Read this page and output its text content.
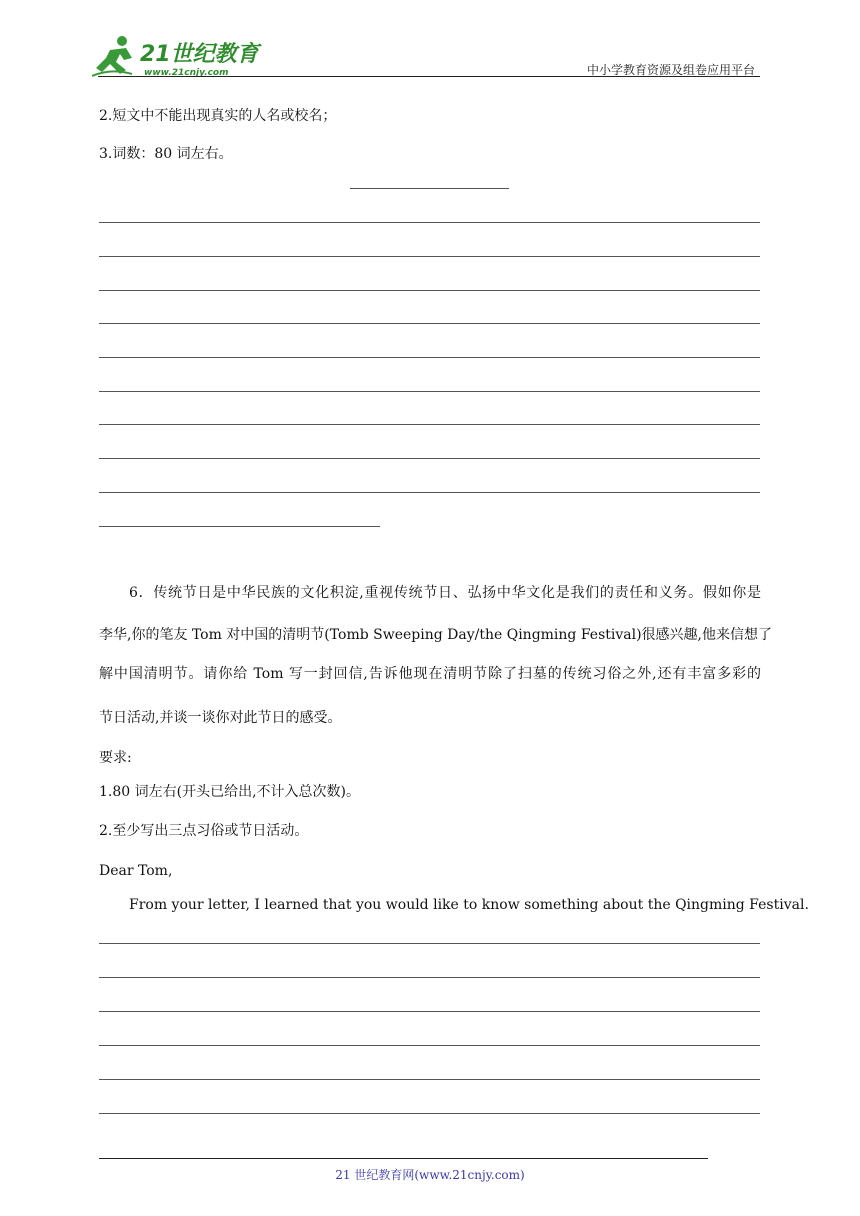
21世纪教育
www.21cnjy.com	中小学教育资源及组卷应用平台
2.短文中不能出现真实的人名或校名；
3.词数：80 词左右。
6．传统节日是中华民族的文化积淀,重视传统节日、弘扬中华文化是我们的责任和义务。假如你是
李华,你的笔友 Tom 对中国的清明节(Tomb Sweeping Day/the Qingming Festival)很感兴趣,他来信想了
解中国清明节。请你给 Tom 写一封回信,告诉他现在清明节除了扫墓的传统习俗之外,还有丰富多彩的
节日活动,并谈一谈你对此节日的感受。
要求:
1.80 词左右(开头已给出,不计入总次数)。
2.至少写出三点习俗或节日活动。
Dear Tom,
From your letter, I learned that you would like to know something about the Qingming Festival.
21 世纪教育网(www.21cnjy.com)
